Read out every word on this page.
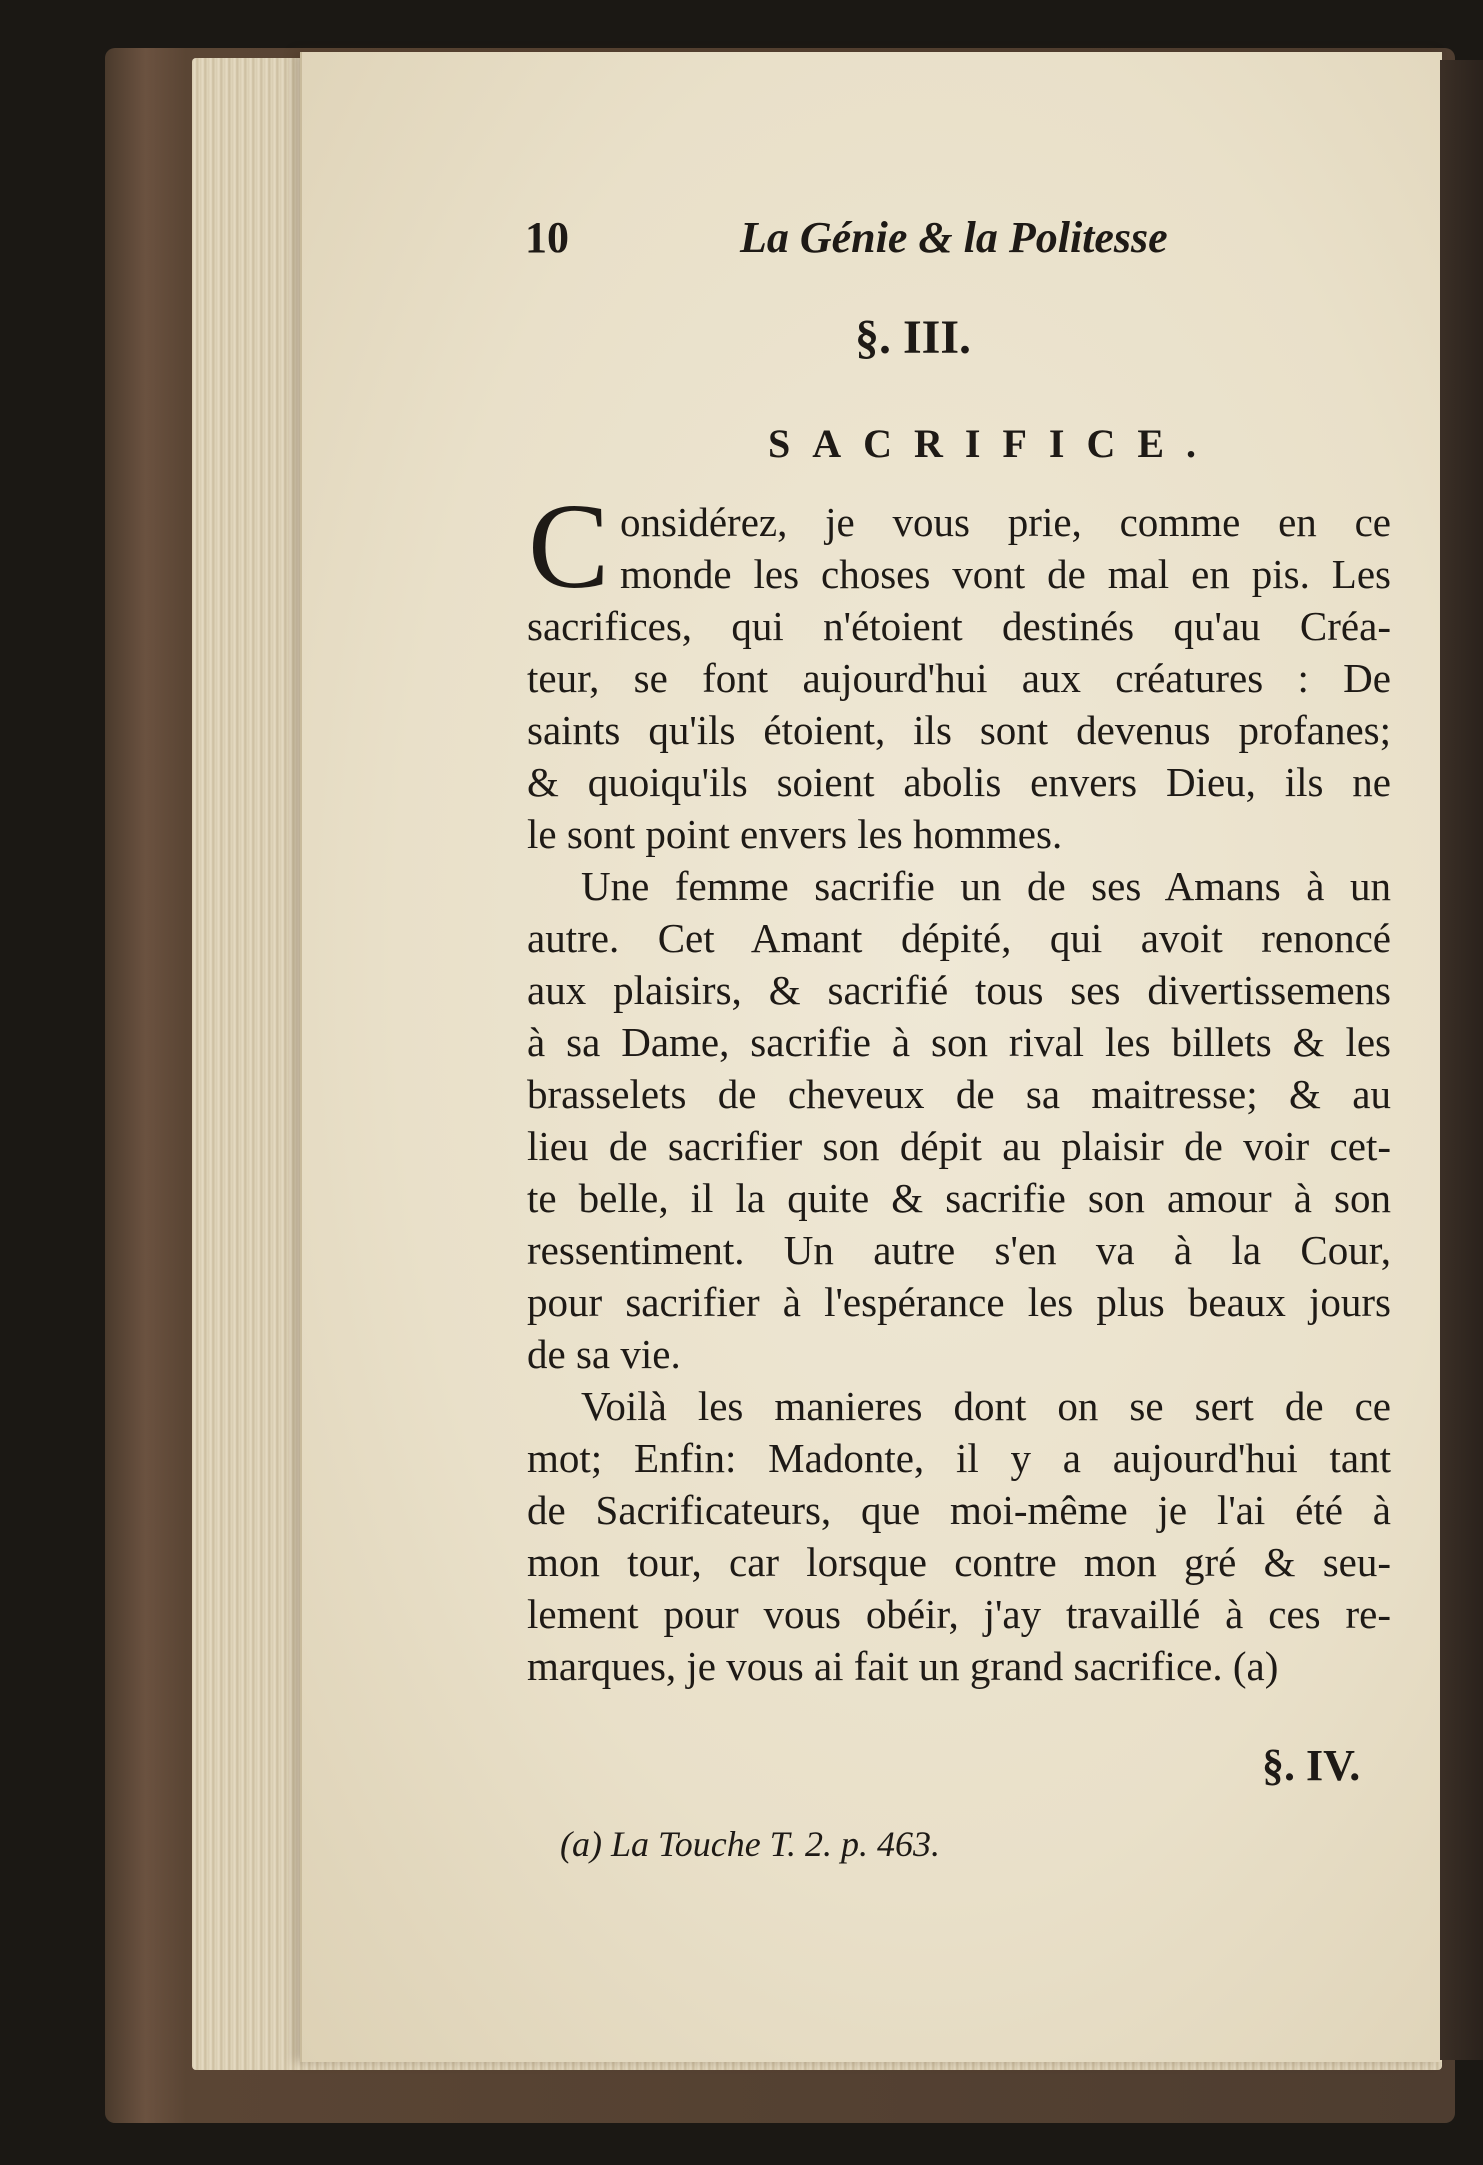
10	La Génie & la Politesse
§. III.
SACRIFICE.
C onsidérez, je vous prie, comme en ce
monde les choses vont de mal en pis. Les
sacrifices, qui n'étoient destinés qu'au Créa-
teur, se font aujourd'hui aux créatures : De
saints qu'ils étoient, ils sont devenus profanes;
& quoiqu'ils soient abolis envers Dieu, ils ne
le sont point envers les hommes.
Une femme sacrifie un de ses Amans à un
autre. Cet Amant dépité, qui avoit renoncé
aux plaisirs, & sacrifié tous ses divertissemens
à sa Dame, sacrifie à son rival les billets & les
brasselets de cheveux de sa maitresse; & au
lieu de sacrifier son dépit au plaisir de voir cet-
te belle, il la quite & sacrifie son amour à son
ressentiment. Un autre s'en va à la Cour,
pour sacrifier à l'espérance les plus beaux jours
de sa vie.
Voilà les manieres dont on se sert de ce
mot; Enfin: Madonte, il y a aujourd'hui tant
de Sacrificateurs, que moi-même je l'ai été à
mon tour, car lorsque contre mon gré & seu-
lement pour vous obéir, j'ay travaillé à ces re-
marques, je vous ai fait un grand sacrifice. (a)
§. IV.
(a) La Touche T. 2. p. 463.
